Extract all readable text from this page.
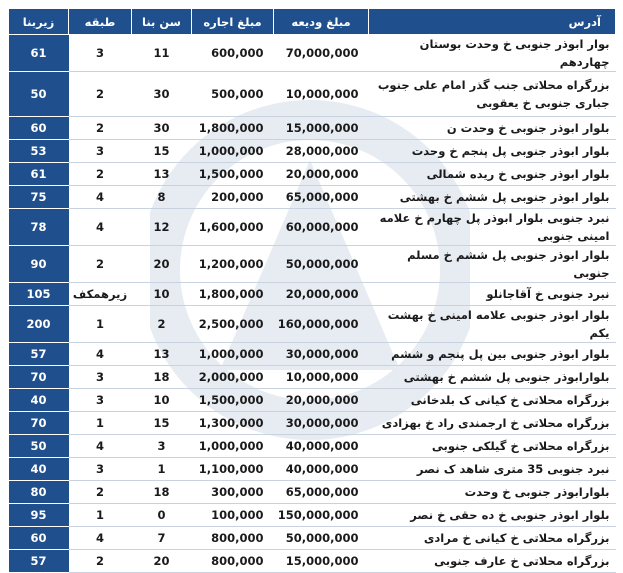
آدرس	مبلغ ودیعه	مبلغ اجاره	سن بنا	طبقه	زیربنا
بوار ابوذر جنوبی خ وحدت بوستان چهاردهم	70,000,000	600,000	11	3	61
بزرگراه محلاتی جنب گذر امام علی جنوب جباری جنوبی خ یعقوبی	10,000,000	500,000	30	2	50
بلوار ابوذر جنوبی خ وحدت ن	15,000,000	1,800,000	30	2	60
بلوار ابوذر جنوبی پل پنجم خ وحدت	28,000,000	1,000,000	15	3	53
بلوار ابوذر جنوبی خ ریده شمالی	20,000,000	1,500,000	13	2	61
بلوار ابوذر جنوبی پل ششم خ بهشتی	65,000,000	200,000	8	4	75
نبرد جنوبی بلوار ابوذر پل چهارم خ علامه امینی جنوبی	60,000,000	1,600,000	12	4	78
بلوار ابوذر جنوبی پل ششم خ مسلم جنوبی	50,000,000	1,200,000	20	2	90
نبرد جنوبی خ آقاجانلو	20,000,000	1,800,000	10	زیرهمکف	105
بلوار ابوذر جنوبی علامه امینی خ بهشت یکم	160,000,000	2,500,000	2	1	200
بلوار ابوذر جنوبی بین پل پنجم و ششم	30,000,000	1,000,000	13	4	57
بلوارابوذر جنوبی پل ششم خ بهشتی	10,000,000	2,000,000	18	3	70
بزرگراه محلاتی خ کیانی ک بلدخانی	20,000,000	1,500,000	10	3	40
بزرگراه محلاتی خ ارجمندی راد خ بهزادی	30,000,000	1,300,000	15	1	70
بزرگراه محلاتی خ گیلکی جنوبی	40,000,000	1,000,000	3	4	50
نبرد جنوبی 35 متری شاهد ک نصر	40,000,000	1,100,000	1	3	40
بلوارابوذر جنوبی خ وحدت	65,000,000	300,000	18	2	80
بلوار ابوذر جنوبی خ ده حقی خ نصر	150,000,000	100,000	0	1	95
بزرگراه محلاتی خ کیانی خ مرادی	50,000,000	800,000	7	4	60
بزرگراه محلاتی خ عارف جنوبی	15,000,000	800,000	20	2	57
